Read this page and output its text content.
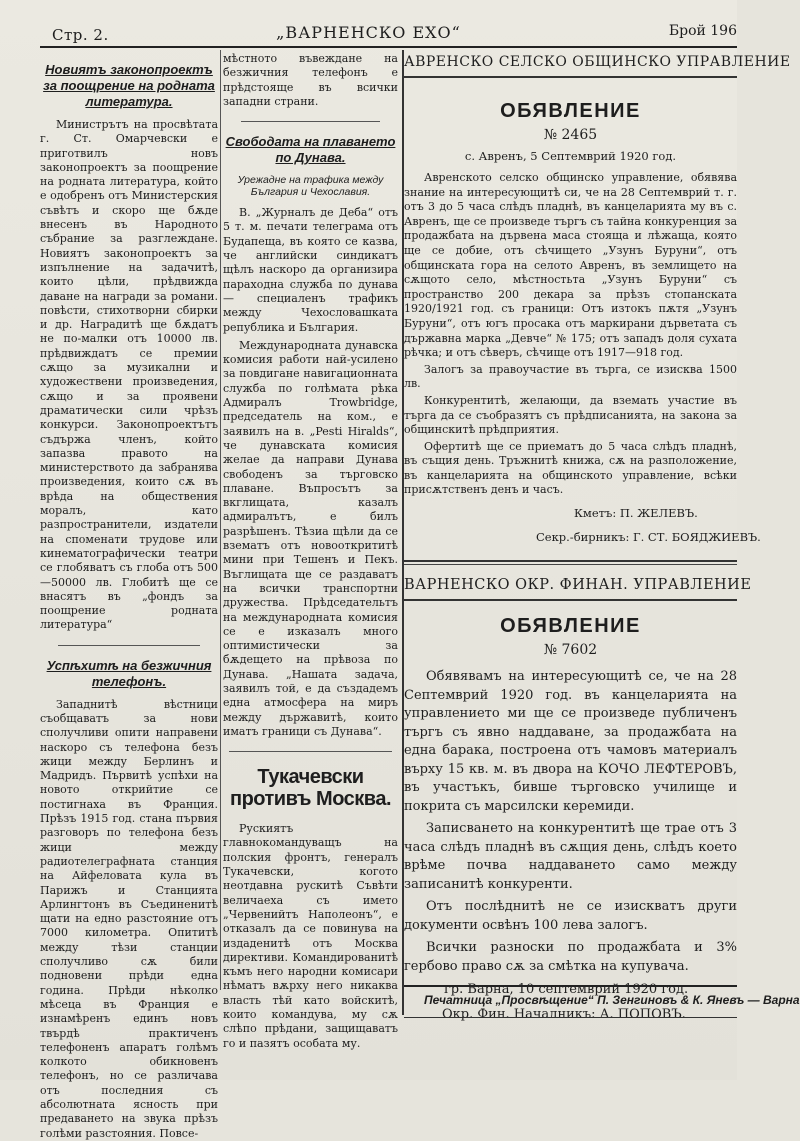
Стр. 2.	„ВАРНЕНСКО ЕХО“	Брой 196
Новиятъ законопроектъ за поощрение на родната литература.

Министрътъ на просвѣтата г. Ст. Омарчевски е приготвилъ новъ законопроектъ за поощрение на родната литература, който е одобренъ отъ Министерския съвѣтъ и скоро ще бѫде внесенъ въ Народното събрание за разглеждане. Новиятъ законопроектъ за изпълнение на задачитѣ, които цѣли, прѣдвижда даване на награди за романи. повѣсти, стихотворни сбирки и др. Наградитѣ ще бѫдатъ не по-малки отъ 10000 лв. прѣдвиждатъ се премии сѫщо за музикални и художествени произведения, сѫщо и за проявени драматически сили чрѣзъ конкурси. Законопроектътъ съдържа членъ, който запазва правото на министерството да забранява произведения, които сѫ въ врѣда на обществения моралъ, като разпространители, издатели на споменати трудове или кинематографически театри се глобяватъ съ глоба отъ 500—50000 лв. Глобитѣ ще се внасятъ въ „фондъ за поощрение родната литература“

Успѣхитѣ на безжичния телефонъ.

Западнитѣ вѣстници съобщаватъ за нови сполучливи опити направени наскоро съ телефона безъ жици между Берлинъ и Мадридъ. Първитѣ успѣхи на новото открийтие се постигнаха въ Франция. Прѣзъ 1915 год. стана първия разговоръ по телефона безъ жици между радиотелеграфната станция на Айфеловата кула въ Парижъ и Станцията Арлингтонъ въ Съединенитѣ щати на едно разстояние отъ 7000 километра. Опититѣ между тѣзи станции сполучливо сѫ били подновени прѣди една година. Прѣди нѣколко мѣсеца въ Франция е изнамѣренъ единъ новъ твърдѣ практиченъ телефоненъ апаратъ голѣмъ колкото обикновенъ телефонъ, но се различава отъ последния съ абсолютната ясность при предаването на звука прѣзъ голѣми разстояния. Повсе-

мѣстното въвеждане на безжичния телефонъ е прѣдстояще въ всички западни страни.

Свободата на плаването по Дунава.
Урежадне на трафика между България и Чехославия.

В. „Журналъ де Деба“ отъ 5 т. м. печати телеграма отъ Будапеща, въ която се казва, че английски синдикатъ щѣлъ наскоро да организира параходна служба по дунава — специаленъ трафикъ между Чехословашката република и България.

Международната дунавска комисия работи най-усилено за повдигане навигационната служба по голѣмата рѣка Адмиралъ Trowbridge, председатель на ком., е заявилъ на в. „Pesti Hiralds“, че дунавската комисия желае да направи Дунава свободенъ за търговско плаване. Въпросътъ за вкглищата, казалъ адмиралътъ, е билъ разрѣшенъ. Тѣзиа щѣли да се взематъ отъ новооткрититѣ мини при Тешенъ и Пекъ. Въглищата ще се раздаватъ на всички транспортни дружества. Прѣдседательтъ на международната комисия се е изказалъ много оптимистически за бѫдещето на прѣвоза по Дунава. „Нашата задача, заявилъ той, е да създадемъ една атмосфера на миръ между държавитѣ, които иматъ граници съ Дунава“.

Тукачевски противъ Москва.

Рускиятъ главнокомандуващъ на полския фронтъ, генералъ Тукачевски, когото неотдавна рускитѣ Съвѣти величаеха съ името „Червенийтъ Наполеонъ“, е отказалъ да се повинува на издаденитѣ отъ Москва директиви. Командированитѣ къмъ него народни комисари нѣматъ вѫрху него никаква власть тѣй като войскитѣ, които командува, му сѫ слѣпо прѣдани, защищаватъ го и пазятъ особата му.

АВРЕНСКО СЕЛСКО ОБЩИНСКО УПРАВЛЕНИЕ
ОБЯВЛЕНИЕ
№ 2465
с. Авренъ, 5 Септемврий 1920 год.

Авренското селско общинско управление, обявява знание на интересующитѣ си, че на 28 Септемврий т. г. отъ 3 до 5 часа слѣдъ пладнѣ, въ канцеларията му въ с. Авренъ, ще се произведе търгъ съ тайна конкуренция за продажбата на дървена маса стояща и лѣжаща, която ще се добие, отъ сѣчището „Узунъ Буруни“, отъ общинската гора на селото Авренъ, въ землището на сѫщото село, мѣстностьта „Узунъ Буруни“ съ пространство 200 декара за прѣзъ стопанската 1920/1921 год. съ граници: Отъ изтокъ пѫтя „Узунъ Буруни“, отъ югъ просака отъ маркирани дърветата съ държавна марка „Девче“ № 175; отъ западъ доля сухата рѣчка; и отъ сѣверъ, сѣчище отъ 1917—918 год.

Залогъ за правоучастие въ търга, се изисква 1500 лв.

Конкурентитѣ, желающи, да вземать участие въ търга да се съобразятъ съ прѣдписанията, на закона за общинскитѣ прѣдприятия.

Офертитѣ ще се приематъ до 5 часа слѣдъ пладнѣ, въ същия день. Тръжнитѣ книжа, сѫ на разположение, въ канцеларията на общинското управление, всѣки присѫтственъ денъ и часъ.

Кметъ: П. ЖЕЛЕВЪ.
Секр.-бирникъ: Г. СТ. БОЯДЖИЕВЪ.
ВАРНЕНСКО ОКР. ФИНАН. УПРАВЛЕНИЕ
ОБЯВЛЕНИЕ
№ 7602

Обявявамъ на интересующитѣ се, че на 28 Септемврий 1920 год. въ канцеларията на управлението ми ще се произведе публиченъ търгъ съ явно наддаване, за продажбата на една барака, построена отъ чамовъ материалъ върху 15 кв. м. въ двора на КОЧО ЛЕФТЕРОВЪ, въ участъкъ, бивше търговско училище и покрита съ марсилски керемиди.

Записването на конкурентитѣ ще трае отъ 3 часа слѣдъ пладнѣ въ сѫщия день, слѣдъ което врѣме почва наддаването само между записанитѣ конкуренти.

Отъ послѣднитѣ не се изискватъ други документи освѣнъ 100 лева залогъ.

Всички разноски по продажбата и 3% гербово право сѫ за смѣтка на купувача.

гр. Варна, 10 септемврий 1920 год.
Окр. Фин. Началникъ: А. ПОПОВЪ.
Печатница „Просвѣщение“ П. Зенгиновъ & К. Яневъ — Варна
